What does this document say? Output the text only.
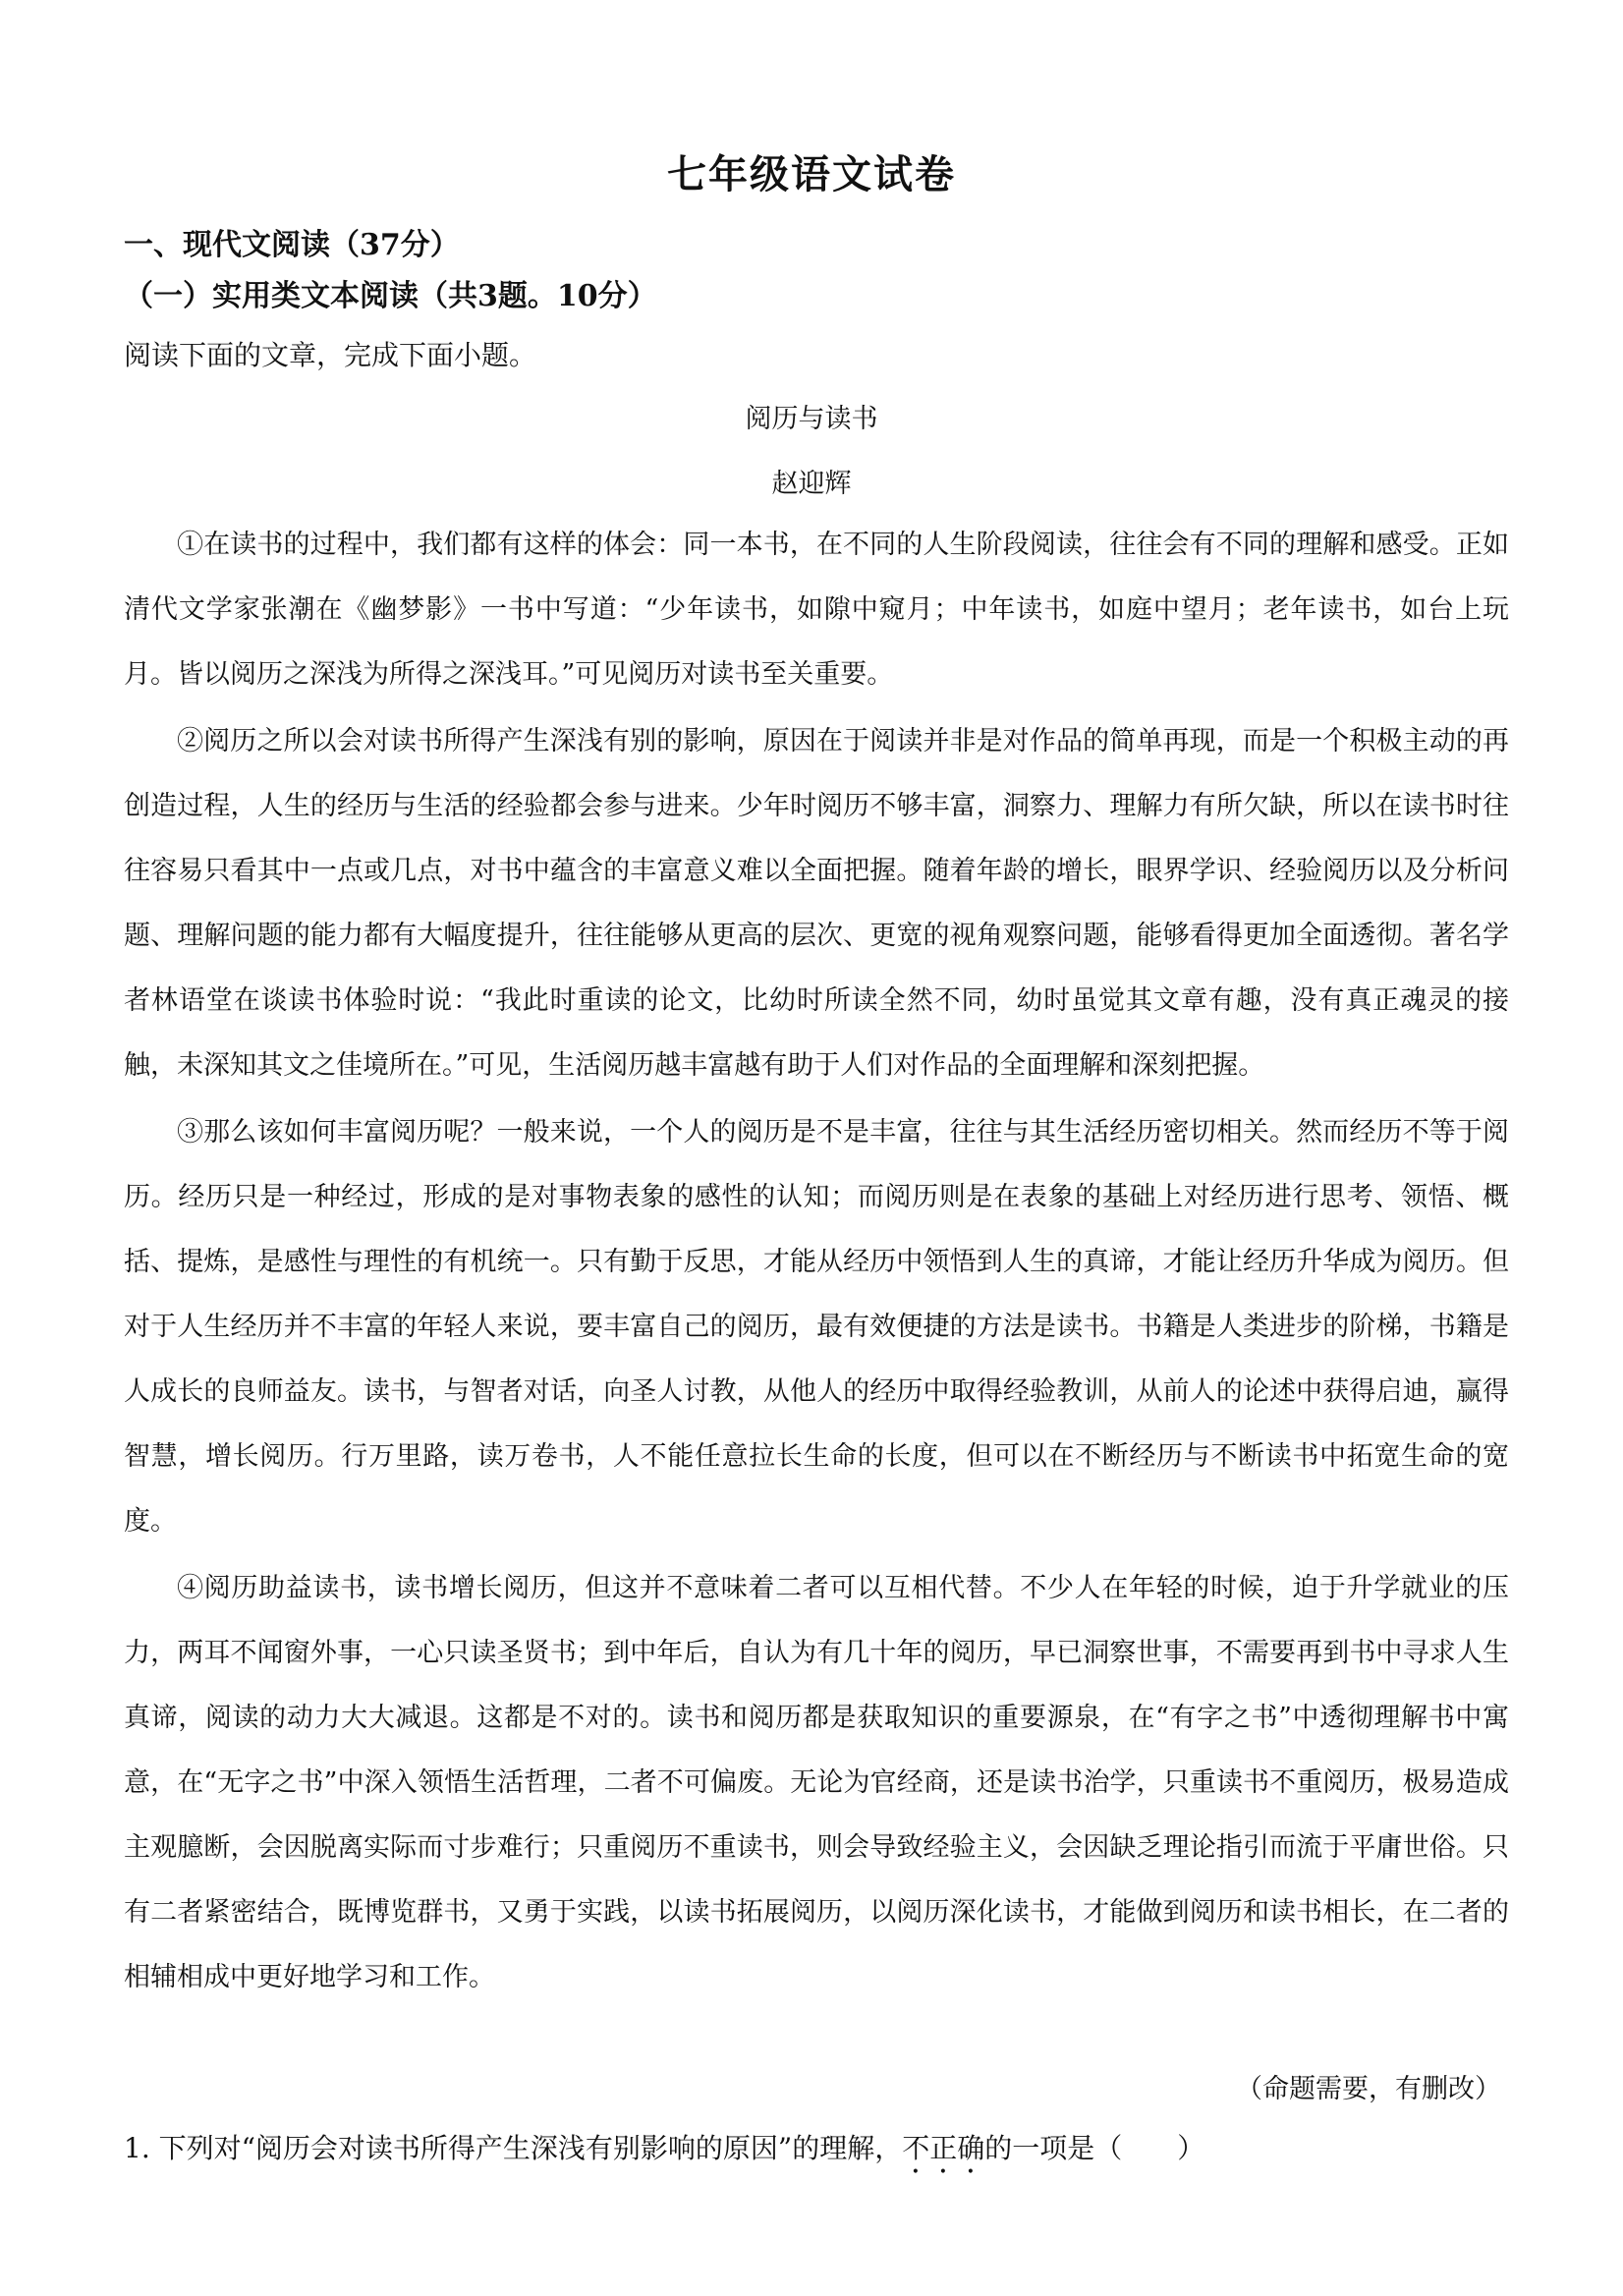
七年级语文试卷
一、现代文阅读（37分）
（一）实用类文本阅读（共3题。10分）
阅读下面的文章，完成下面小题。
阅历与读书
赵迎辉

①在读书的过程中，我们都有这样的体会：同一本书，在不同的人生阶段阅读，往往会有不同的理解和感受。正如清代文学家张潮在《幽梦影》一书中写道：“少年读书，如隙中窥月；中年读书，如庭中望月；老年读书，如台上玩月。皆以阅历之深浅为所得之深浅耳。”可见阅历对读书至关重要。

②阅历之所以会对读书所得产生深浅有别的影响，原因在于阅读并非是对作品的简单再现，而是一个积极主动的再创造过程，人生的经历与生活的经验都会参与进来。少年时阅历不够丰富，洞察力、理解力有所欠缺，所以在读书时往往容易只看其中一点或几点，对书中蕴含的丰富意义难以全面把握。随着年龄的增长，眼界学识、经验阅历以及分析问题、理解问题的能力都有大幅度提升，往往能够从更高的层次、更宽的视角观察问题，能够看得更加全面透彻。著名学者林语堂在谈读书体验时说：“我此时重读的论文，比幼时所读全然不同，幼时虽觉其文章有趣，没有真正魂灵的接触，未深知其文之佳境所在。”可见，生活阅历越丰富越有助于人们对作品的全面理解和深刻把握。

③那么该如何丰富阅历呢？一般来说，一个人的阅历是不是丰富，往往与其生活经历密切相关。然而经历不等于阅历。经历只是一种经过，形成的是对事物表象的感性的认知；而阅历则是在表象的基础上对经历进行思考、领悟、概括、提炼，是感性与理性的有机统一。只有勤于反思，才能从经历中领悟到人生的真谛，才能让经历升华成为阅历。但对于人生经历并不丰富的年轻人来说，要丰富自己的阅历，最有效便捷的方法是读书。书籍是人类进步的阶梯，书籍是人成长的良师益友。读书，与智者对话，向圣人讨教，从他人的经历中取得经验教训，从前人的论述中获得启迪，赢得智慧，增长阅历。行万里路，读万卷书，人不能任意拉长生命的长度，但可以在不断经历与不断读书中拓宽生命的宽度。

④阅历助益读书，读书增长阅历，但这并不意味着二者可以互相代替。不少人在年轻的时候，迫于升学就业的压力，两耳不闻窗外事，一心只读圣贤书；到中年后，自认为有几十年的阅历，早已洞察世事，不需要再到书中寻求人生真谛，阅读的动力大大减退。这都是不对的。读书和阅历都是获取知识的重要源泉，在“有字之书”中透彻理解书中寓意，在“无字之书”中深入领悟生活哲理，二者不可偏废。无论为官经商，还是读书治学，只重读书不重阅历，极易造成主观臆断，会因脱离实际而寸步难行；只重阅历不重读书，则会导致经验主义，会因缺乏理论指引而流于平庸世俗。只有二者紧密结合，既博览群书，又勇于实践，以读书拓展阅历，以阅历深化读书，才能做到阅历和读书相长，在二者的相辅相成中更好地学习和工作。

（命题需要，有删改）
1. 下列对“阅历会对读书所得产生深浅有别影响的原因”的理解，不正确的一项是（　　）
